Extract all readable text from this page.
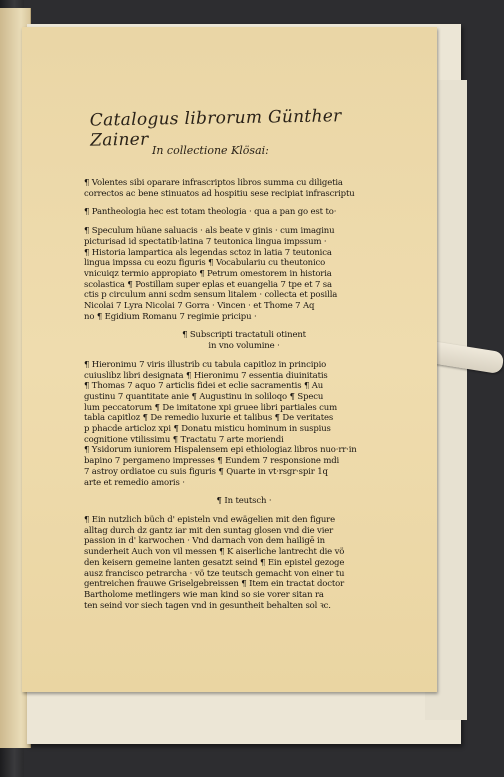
Catalogus librorum Günther Zainer In collectione Klösai:
¶ Volentes sibi oparare infrascriptos libros summa cu diligetia
correctos ac bene stinuatos ad hospitiu sese recipiat infrascriptu
¶ Pantheologia hec est totam theologia · qua a pan go est to·
¶ Speculum hüane saluacis · als beate v ginis · cum imaginu
picturisad id spectatib·latina 7 teutonica lingua impssum ·
¶ Historia lampartica als legendas sctoz in latia 7 teutonica
lingua impssa cu eozu figuris ¶ Vocabulariu cu theutonico
vnicuiqz termio appropiato ¶ Petrum omestorem in historia
scolastica ¶ Postillam super eplas et euangelia 7 tpe et 7 sa
ctis p circulum anni scdm sensum litalem · collecta et posilla
Nicolai 7 Lyra Nicolai 7 Gorra · Vincen · et Thome 7 Aq
no ¶ Egidium Romanu 7 regimie pricipu ·
¶ Subscripti tractatuli otinent
in vno volumine ·
¶ Hieronimu 7 viris illustrib cu tabula capitloz in principio
cuiuslibz libri designata ¶ Hieronimu 7 essentia diuinitatis
¶ Thomas 7 aquo 7 articlis fidei et eclie sacramentis ¶ Au
gustinu 7 quantitate anie ¶ Augustinu in soliloqo ¶ Specu
lum peccatorum ¶ De imitatone xpi gruee libri partiales cum
tabla capitloz ¶ De remedio luxurie et talibus ¶ De veritates
p phacde articloz xpi ¶ Donatu misticu hominum in suspius
cognitione vtilissimu ¶ Tractatu 7 arte moriendi
¶ Ysidorum iuniorem Hispalensem epi ethiologiaz libros nuo·rr·in
bapino 7 pergameno impresses ¶ Eundem 7 responsione mdi
7 astroy ordiatoe cu suis figuris ¶ Quarte in vt·rsgr·spir 1q
arte et remedio amoris ·
¶ In teutsch ·
¶ Ein nutzlich büch d' episteln vnd ewägelien mit den figure
alltag durch dz gantz iar mit den suntag glosen vnd die vier
passion in d' karwochen · Vnd darnach von dem hailigē in
sunderheit Auch von vil messen ¶ K aiserliche lantrecht die vö
den keisern gemeine lanten gesatzt seind ¶ Ein epistel gezoge
ausz francisco petrarcha · vö tze teutsch gemacht von einer tu
gentreichen frauwe Griselgebreissen ¶ Item ein tractat doctor
Bartholome metlingers wie man kind so sie vorer sitan ra
ten seind vor siech tagen vnd in gesuntheit behalten sol ꝛc.
